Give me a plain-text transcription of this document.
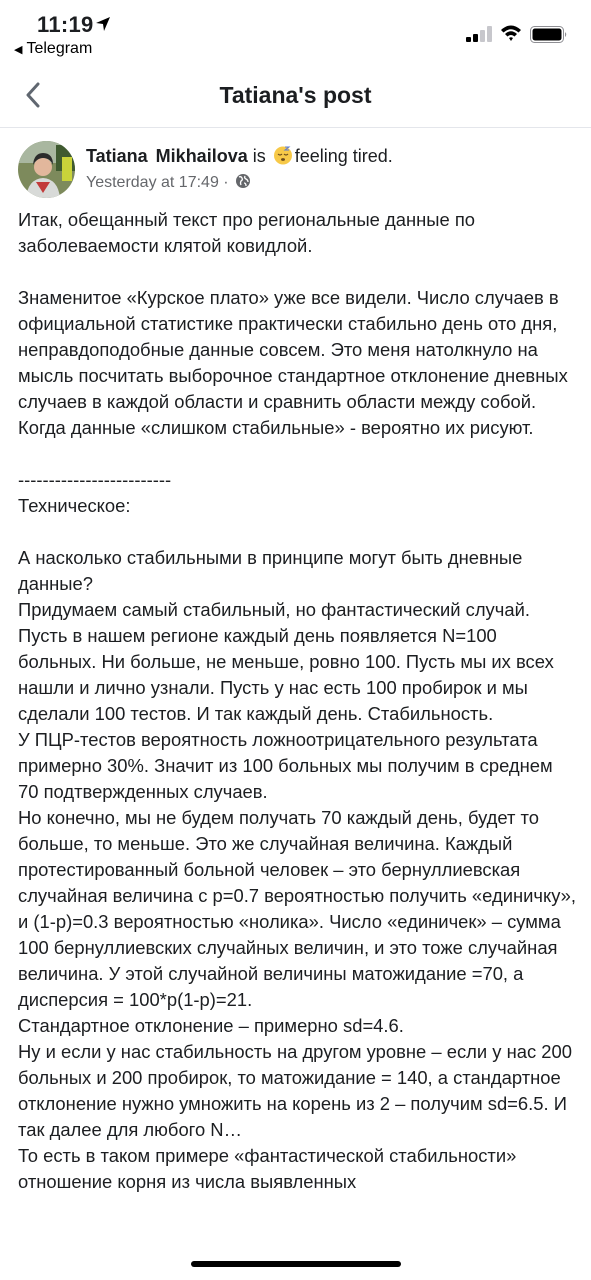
11:19
◀ Telegram
Tatiana's post
Tatiana Mikhailova is feeling tired.
Yesterday at 17:49 ·
Итак, обещанный текст про региональные данные по заболеваемости клятой ковидлой.

Знаменитое «Курское плато» уже все видели. Число случаев в официальной статистике практически стабильно день ото дня, неправдоподобные данные совсем. Это меня натолкнуло на мысль посчитать выборочное стандартное отклонение дневных случаев в каждой области и сравнить области между собой. Когда данные «слишком стабильные» - вероятно их рисуют.

-------------------------
Техническое:

А насколько стабильными в принципе могут быть дневные данные?
Придумаем самый стабильный, но фантастический случай.
Пусть в нашем регионе каждый день появляется N=100 больных. Ни больше, не меньше, ровно 100. Пусть мы их всех нашли и лично узнали. Пусть у нас есть 100 пробирок и мы сделали 100 тестов. И так каждый день. Стабильность.
У ПЦР-тестов вероятность ложноотрицательного результата примерно 30%. Значит из 100 больных мы получим в среднем 70 подтвержденных случаев.
Но конечно, мы не будем получать 70 каждый день, будет то больше, то меньше. Это же случайная величина. Каждый протестированный больной человек – это бернуллиевская случайная величина с p=0.7 вероятностью получить «единичку», и (1-p)=0.3 вероятностью «нолика». Число «единичек» – сумма 100 бернуллиевских случайных величин, и это тоже случайная величина. У этой случайной величины матожидание =70, а дисперсия = 100*p(1-p)=21.
Стандартное отклонение – примерно sd=4.6.
Ну и если у нас стабильность на другом уровне – если у нас 200 больных и 200 пробирок, то матожидание = 140, а стандартное отклонение нужно умножить на корень из 2 – получим sd=6.5. И так далее для любого N…
То есть в таком примере «фантастической стабильности» отношение корня из числа выявленных
